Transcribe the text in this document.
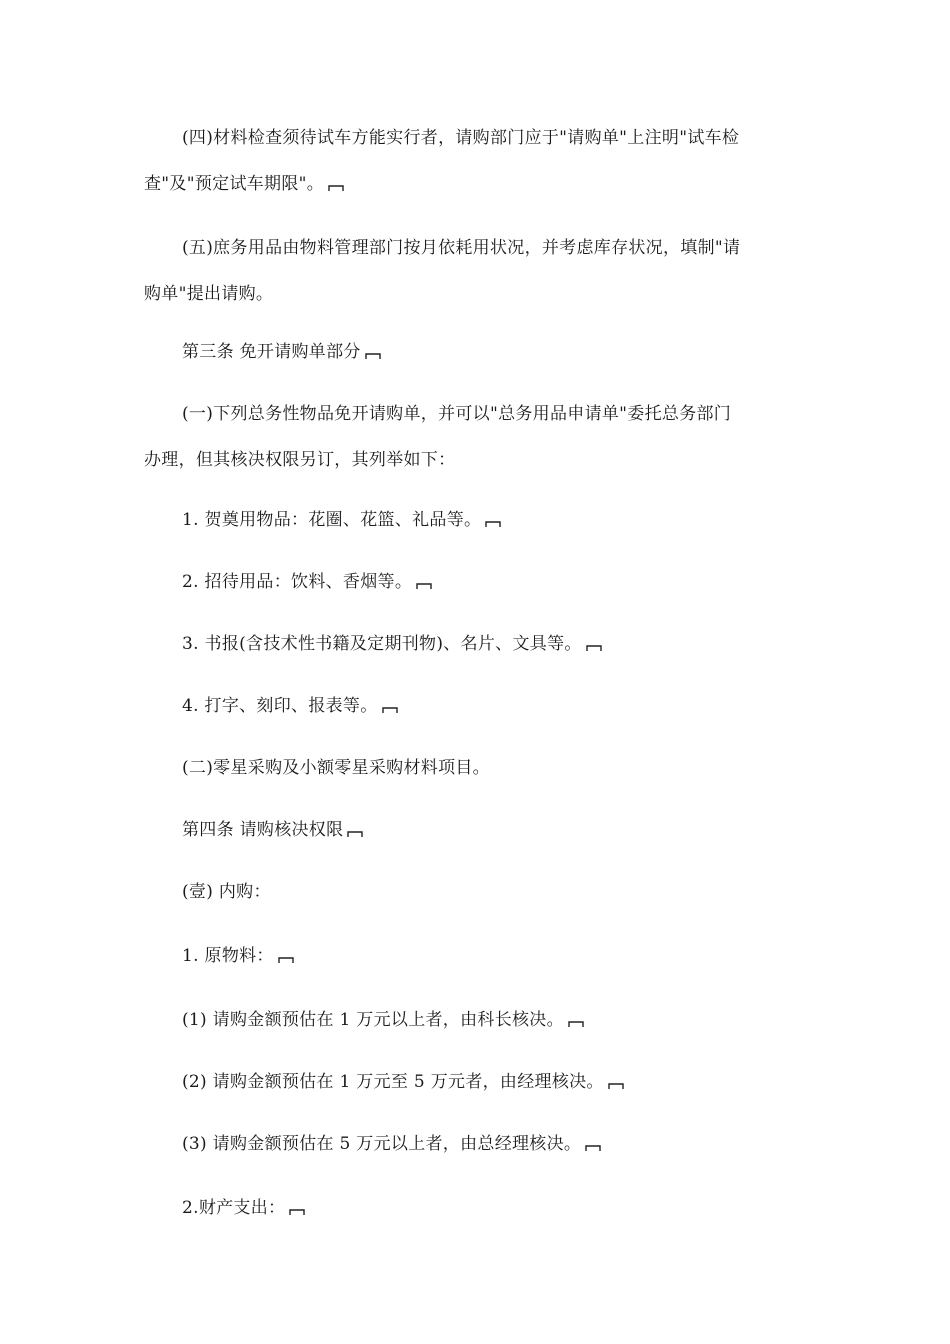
(四)材料检查须待试车方能实行者，请购部门应于"请购单"上注明"试车检
查"及"预定试车期限"。
(五)庶务用品由物料管理部门按月依耗用状况，并考虑库存状况，填制"请
购单"提出请购。
第三条 免开请购单部分
(一)下列总务性物品免开请购单，并可以"总务用品申请单"委托总务部门
办理，但其核决权限另订，其列举如下：
1. 贺奠用物品：花圈、花篮、礼品等。
2. 招待用品：饮料、香烟等。
3. 书报(含技术性书籍及定期刊物)、名片、文具等。
4. 打字、刻印、报表等。
(二)零星采购及小额零星采购材料项目。
第四条 请购核决权限
(壹) 内购：
1. 原物料：
(1) 请购金额预估在 1 万元以上者，由科长核决。
(2) 请购金额预估在 1 万元至 5 万元者，由经理核决。
(3) 请购金额预估在 5 万元以上者，由总经理核决。
2.财产支出：
